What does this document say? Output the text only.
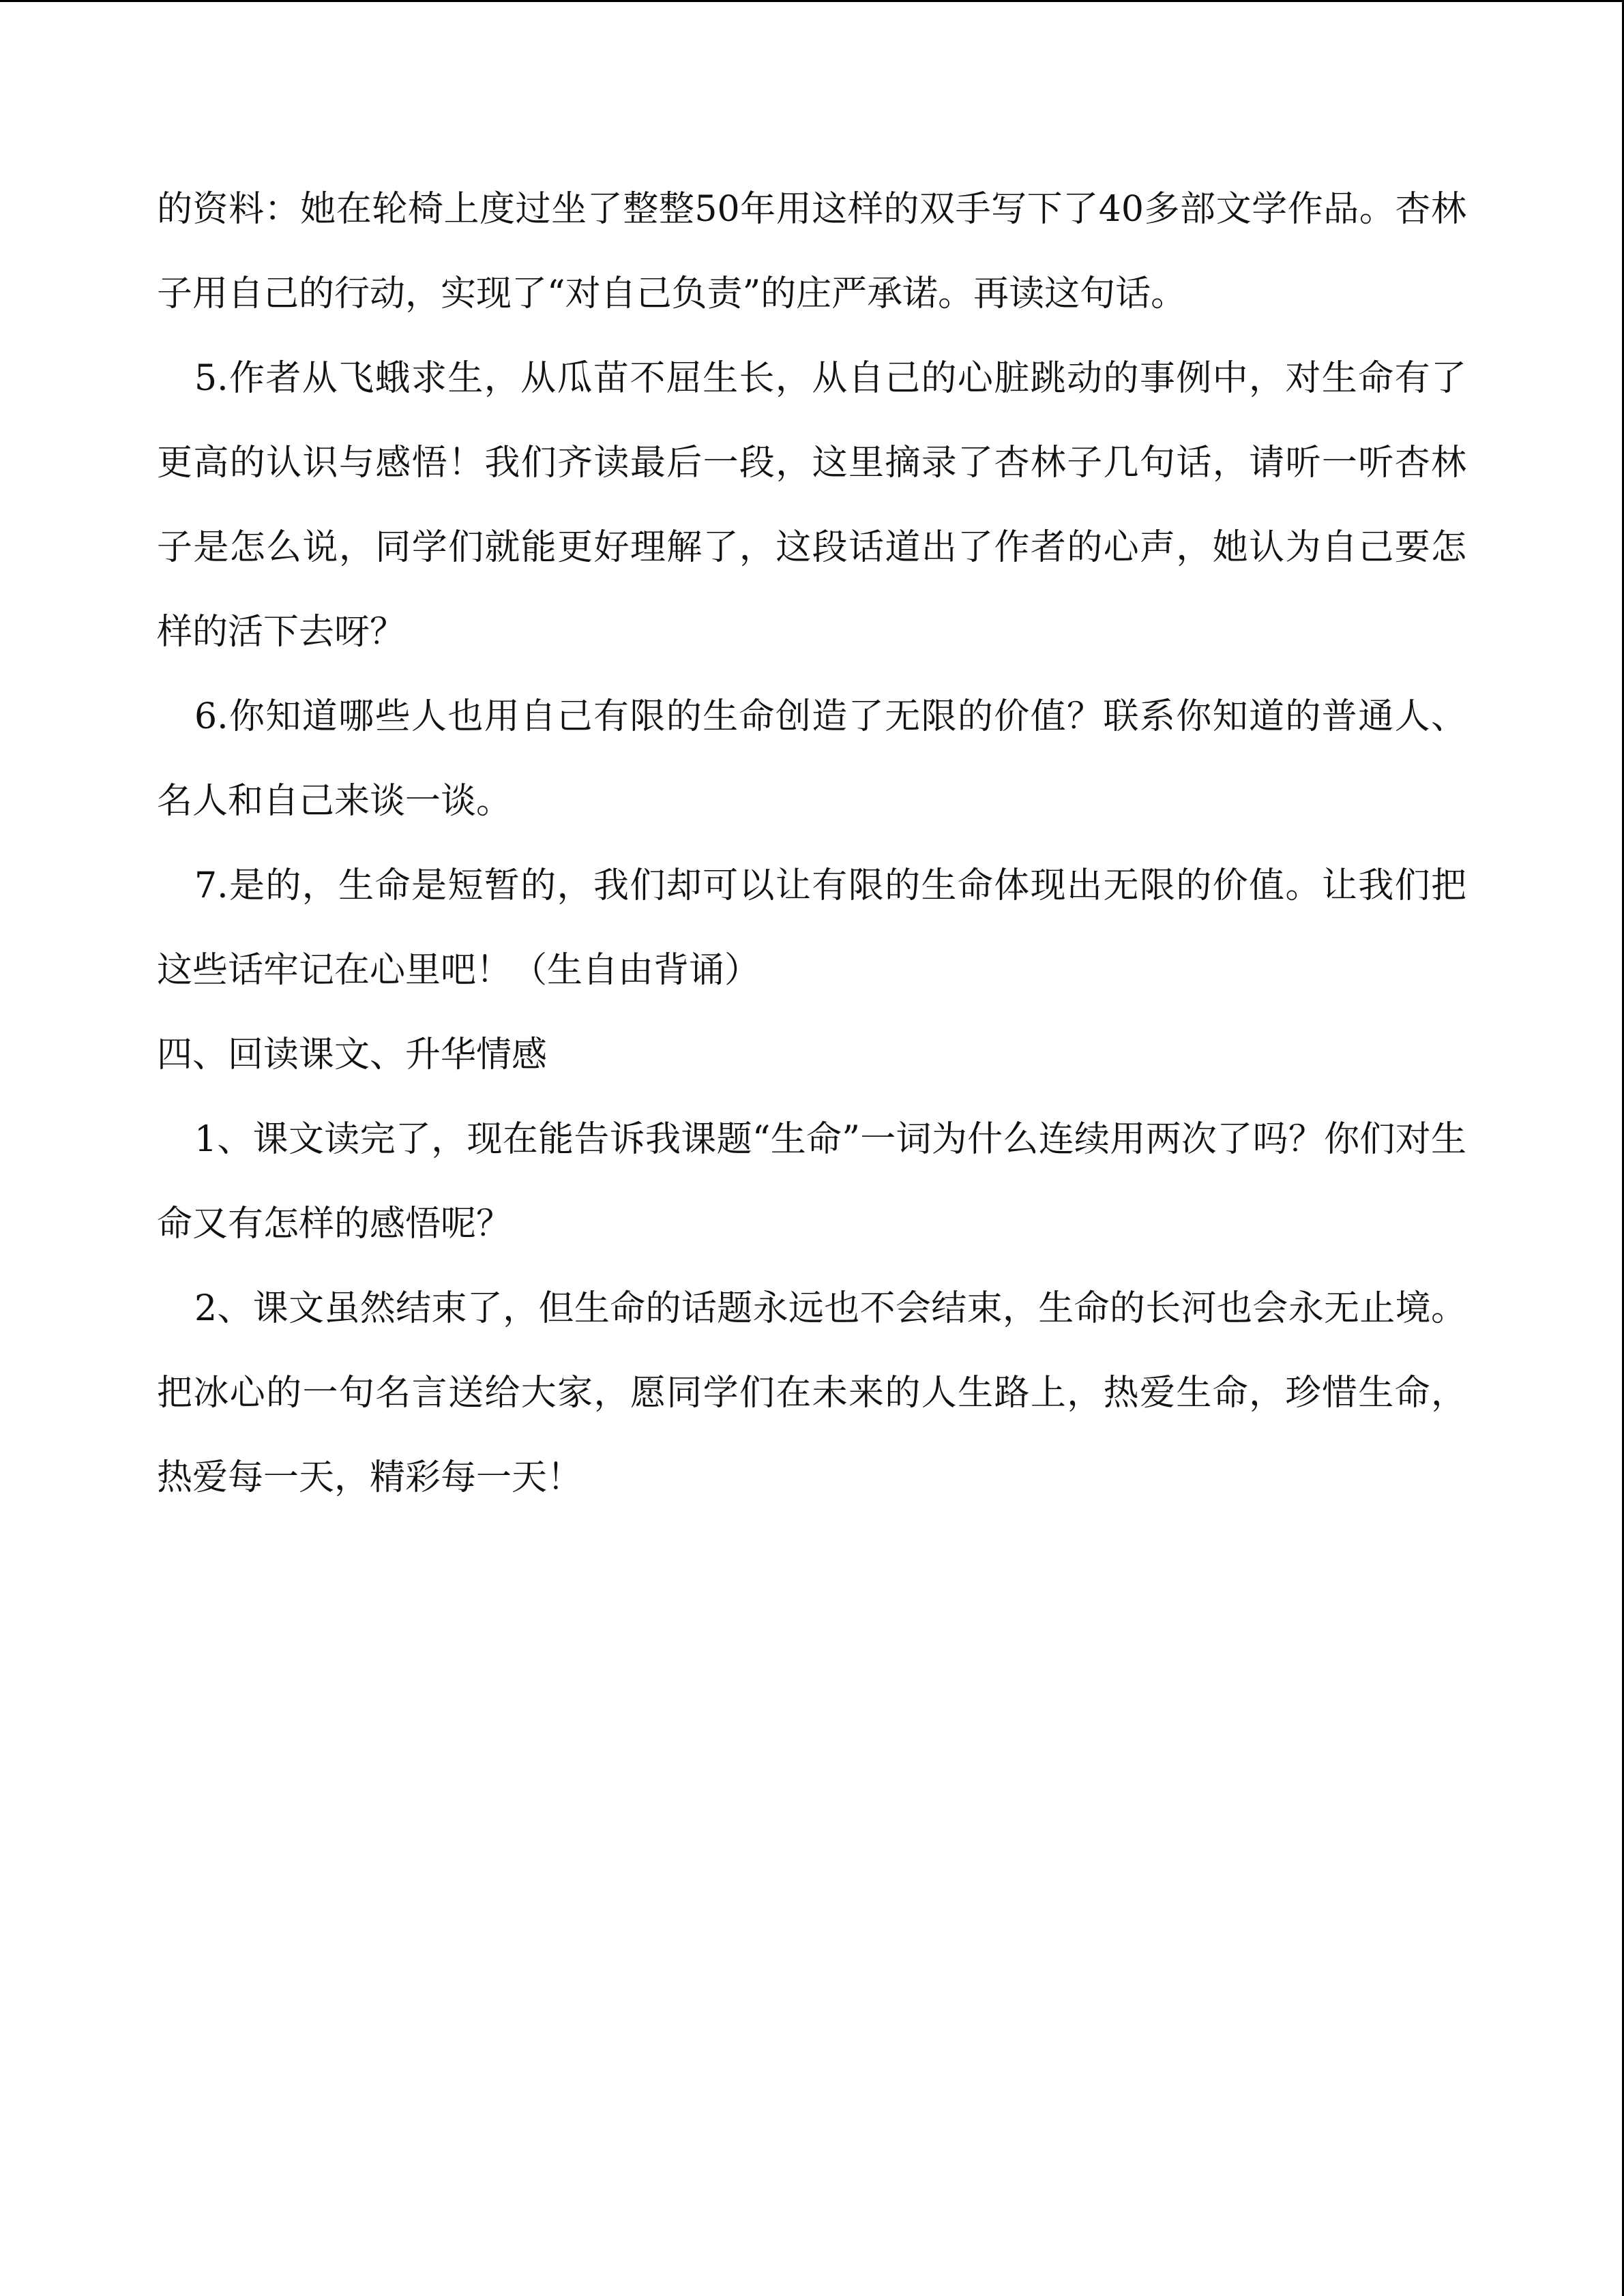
的资料：她在轮椅上度过坐了整整50年用这样的双手写下了40多部文学作品。杏林子用自己的行动，实现了“对自己负责”的庄严承诺。再读这句话。

5.作者从飞蛾求生，从瓜苗不屈生长，从自己的心脏跳动的事例中，对生命有了更高的认识与感悟！我们齐读最后一段，这里摘录了杏林子几句话，请听一听杏林子是怎么说，同学们就能更好理解了，这段话道出了作者的心声，她认为自己要怎样的活下去呀？

6.你知道哪些人也用自己有限的生命创造了无限的价值？联系你知道的普通人、名人和自己来谈一谈。

7.是的，生命是短暂的，我们却可以让有限的生命体现出无限的价值。让我们把这些话牢记在心里吧！（生自由背诵）

四、回读课文、升华情感

1、课文读完了，现在能告诉我课题“生命”一词为什么连续用两次了吗？你们对生命又有怎样的感悟呢？

2、课文虽然结束了，但生命的话题永远也不会结束，生命的长河也会永无止境。把冰心的一句名言送给大家，愿同学们在未来的人生路上，热爱生命，珍惜生命，热爱每一天，精彩每一天！
